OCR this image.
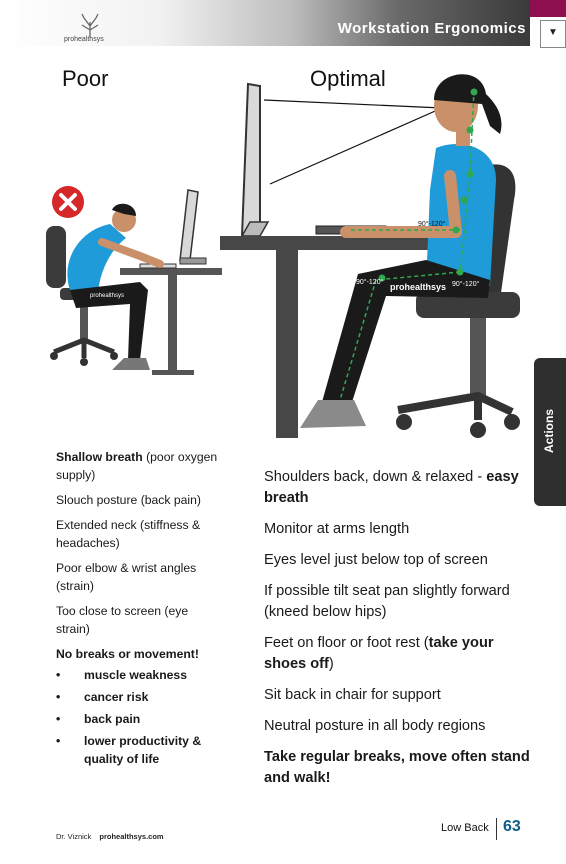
prohealthsys
Workstation Ergonomics	▼
Poor	Optimal
prohealthsys
prohealthsys
90°-120°
90°-120°
90°-120°
Actions

Shallow breath (poor oxygen supply)

Slouch posture (back pain)

Extended neck (stiffness & headaches)

Poor elbow & wrist angles (strain)

Too close to screen (eye strain)

No breaks or movement!

• muscle weakness
• cancer risk
• back pain
• lower productivity & quality of life

Shoulders back, down & relaxed - easy breath

Monitor at arms length

Eyes level just below top of screen

If possible tilt seat pan slightly forward (kneed below hips)

Feet on floor or foot rest (take your shoes off)

Sit back in chair for support

Neutral posture in all body regions

Take regular breaks, move often stand and walk!

Dr. Viznick prohealthsys.com
Low Back 63
